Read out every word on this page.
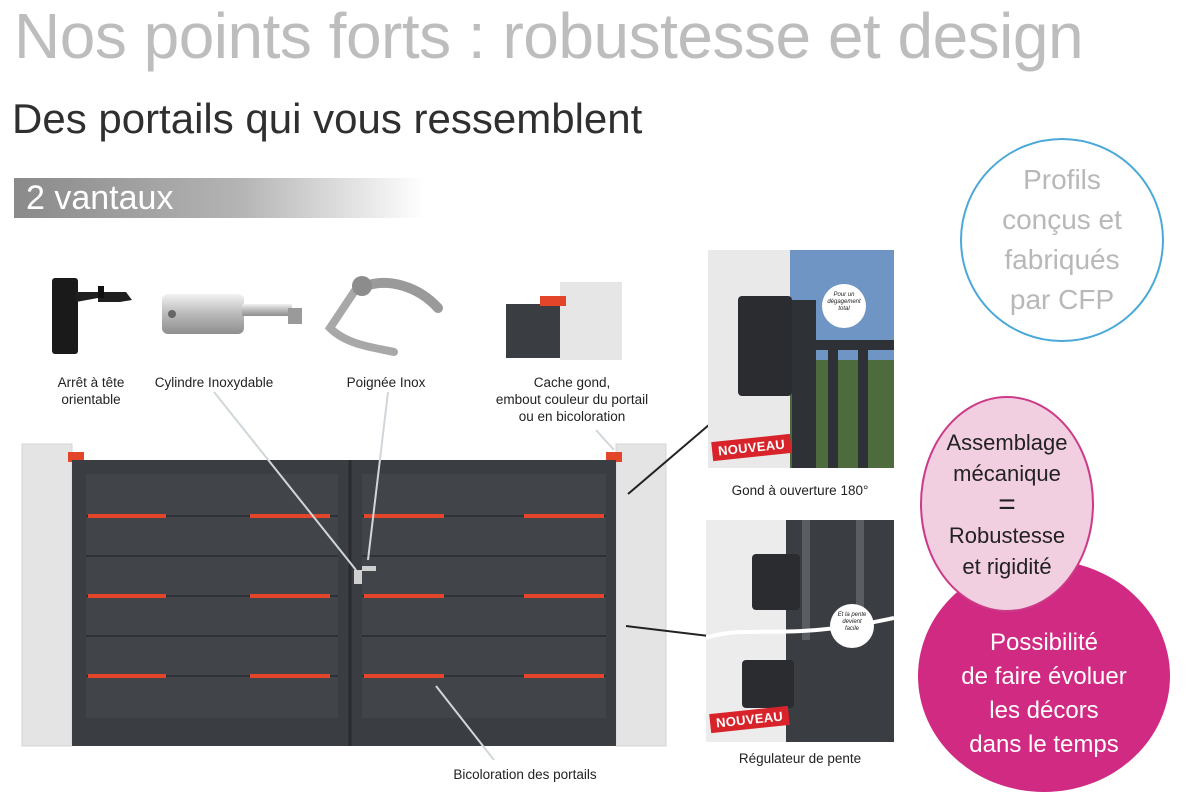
Nos points forts : robustesse et design
Des portails qui vous ressemblent
2 vantaux
Arrêt à tête
orientable
Cylindre Inoxydable	Poignée Inox	Cache gond,
embout couleur du portail
ou en bicoloration
Pour un
dégagement
total
NOUVEAU
Gond à ouverture 180°
Et la pente
devient
facile
NOUVEAU
Régulateur de pente
Bicoloration des portails
Profils
conçus et
fabriqués
par CFP
Possibilité
de faire évoluer
les décors
dans le temps
Assemblage
mécanique
=
Robustesse
et rigidité
